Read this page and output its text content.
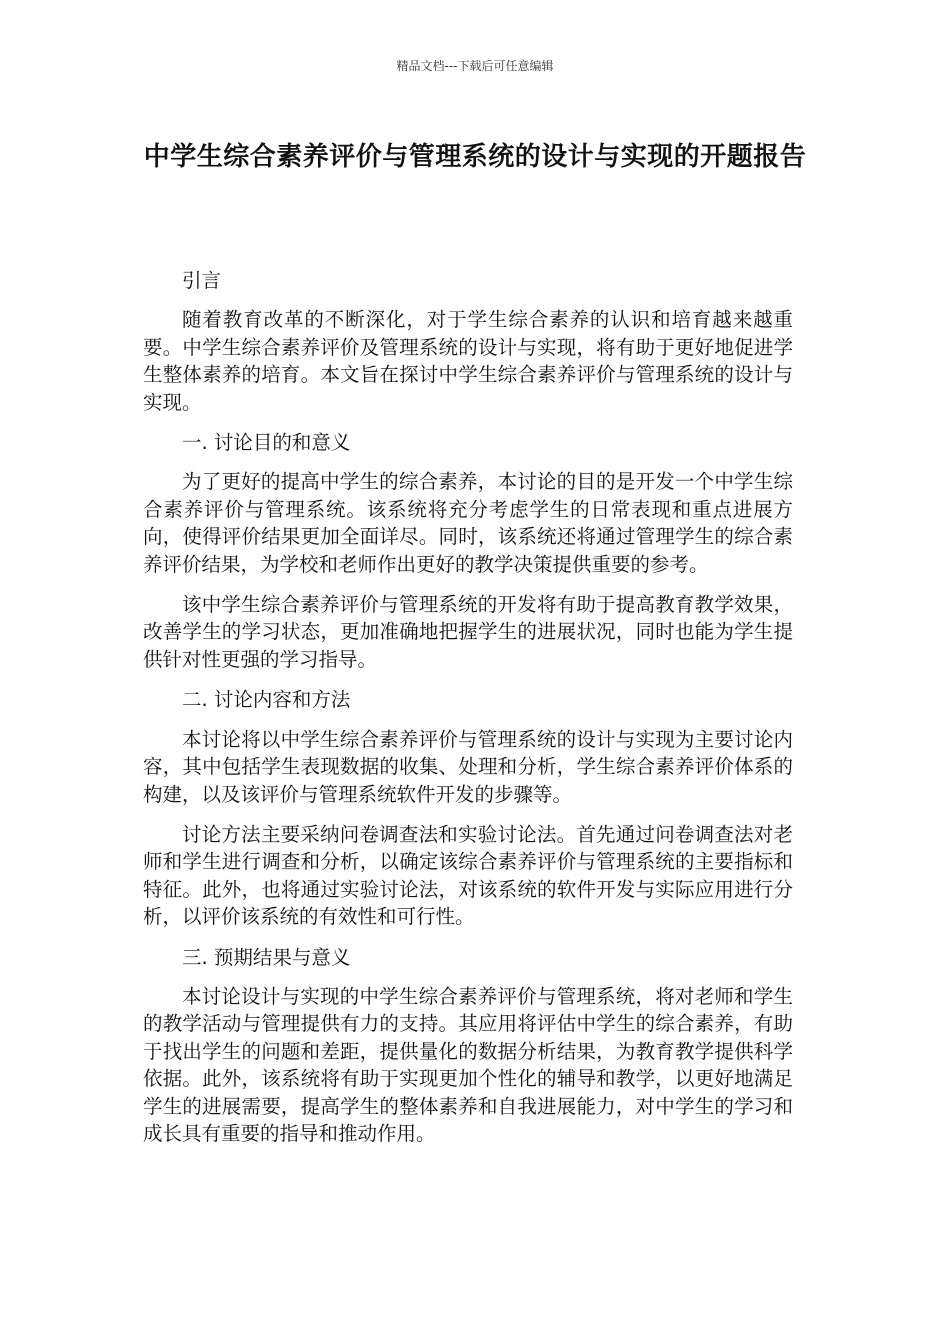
精品文档---下载后可任意编辑
中学生综合素养评价与管理系统的设计与实现的开题报告

引言

随着教育改革的不断深化，对于学生综合素养的认识和培育越来越重要。中学生综合素养评价及管理系统的设计与实现，将有助于更好地促进学生整体素养的培育。本文旨在探讨中学生综合素养评价与管理系统的设计与实现。

一. 讨论目的和意义

为了更好的提高中学生的综合素养，本讨论的目的是开发一个中学生综合素养评价与管理系统。该系统将充分考虑学生的日常表现和重点进展方向，使得评价结果更加全面详尽。同时，该系统还将通过管理学生的综合素养评价结果，为学校和老师作出更好的教学决策提供重要的参考。

该中学生综合素养评价与管理系统的开发将有助于提高教育教学效果，改善学生的学习状态，更加准确地把握学生的进展状况，同时也能为学生提供针对性更强的学习指导。

二. 讨论内容和方法

本讨论将以中学生综合素养评价与管理系统的设计与实现为主要讨论内容，其中包括学生表现数据的收集、处理和分析，学生综合素养评价体系的构建，以及该评价与管理系统软件开发的步骤等。

讨论方法主要采纳问卷调查法和实验讨论法。首先通过问卷调查法对老师和学生进行调查和分析，以确定该综合素养评价与管理系统的主要指标和特征。此外，也将通过实验讨论法，对该系统的软件开发与实际应用进行分析，以评价该系统的有效性和可行性。

三. 预期结果与意义

本讨论设计与实现的中学生综合素养评价与管理系统，将对老师和学生的教学活动与管理提供有力的支持。其应用将评估中学生的综合素养，有助于找出学生的问题和差距，提供量化的数据分析结果，为教育教学提供科学依据。此外，该系统将有助于实现更加个性化的辅导和教学，以更好地满足学生的进展需要，提高学生的整体素养和自我进展能力，对中学生的学习和成长具有重要的指导和推动作用。
